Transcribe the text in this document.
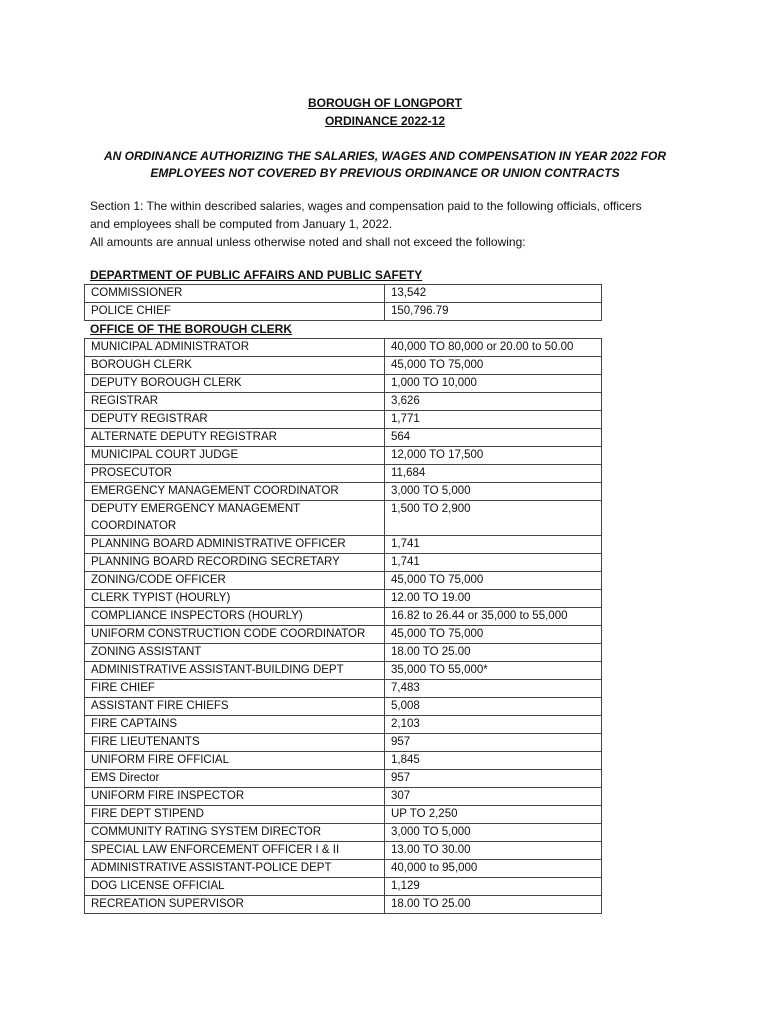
BOROUGH OF LONGPORT
ORDINANCE 2022-12
AN ORDINANCE AUTHORIZING THE SALARIES, WAGES AND COMPENSATION IN YEAR 2022 FOR
EMPLOYEES NOT COVERED BY PREVIOUS ORDINANCE OR UNION CONTRACTS

Section 1: The within described salaries, wages and compensation paid to the following officials, officers

and employees shall be computed from January 1, 2022.

All amounts are annual unless otherwise noted and shall not exceed the following:

DEPARTMENT OF PUBLIC AFFAIRS AND PUBLIC SAFETY
COMMISSIONER	13,542
POLICE CHIEF	150,796.79
OFFICE OF THE BOROUGH CLERK
MUNICIPAL ADMINISTRATOR	40,000 TO 80,000 or 20.00 to 50.00
BOROUGH CLERK	45,000 TO 75,000
DEPUTY BOROUGH CLERK	1,000 TO 10,000
REGISTRAR	3,626
DEPUTY REGISTRAR	1,771
ALTERNATE DEPUTY REGISTRAR	564
MUNICIPAL COURT JUDGE	12,000 TO 17,500
PROSECUTOR	11,684
EMERGENCY MANAGEMENT COORDINATOR	3,000 TO 5,000
DEPUTY EMERGENCY MANAGEMENT COORDINATOR	1,500 TO 2,900
PLANNING BOARD ADMINISTRATIVE OFFICER	1,741
PLANNING BOARD RECORDING SECRETARY	1,741
ZONING/CODE OFFICER	45,000 TO 75,000
CLERK TYPIST (HOURLY)	12.00 TO 19.00
COMPLIANCE INSPECTORS (HOURLY)	16.82 to 26.44 or 35,000 to 55,000
UNIFORM CONSTRUCTION CODE COORDINATOR	45,000 TO 75,000
ZONING ASSISTANT	18.00 TO 25.00
ADMINISTRATIVE ASSISTANT-BUILDING DEPT	35,000 TO 55,000*
FIRE CHIEF	7,483
ASSISTANT FIRE CHIEFS	5,008
FIRE CAPTAINS	2,103
FIRE LIEUTENANTS	957
UNIFORM FIRE OFFICIAL	1,845
EMS Director	957
UNIFORM FIRE INSPECTOR	307
FIRE DEPT STIPEND	UP TO 2,250
COMMUNITY RATING SYSTEM DIRECTOR	3,000 TO 5,000
SPECIAL LAW ENFORCEMENT OFFICER I & II	13.00 TO 30.00
ADMINISTRATIVE ASSISTANT-POLICE DEPT	40,000 to 95,000
DOG LICENSE OFFICIAL	1,129
RECREATION SUPERVISOR	18.00 TO 25.00
